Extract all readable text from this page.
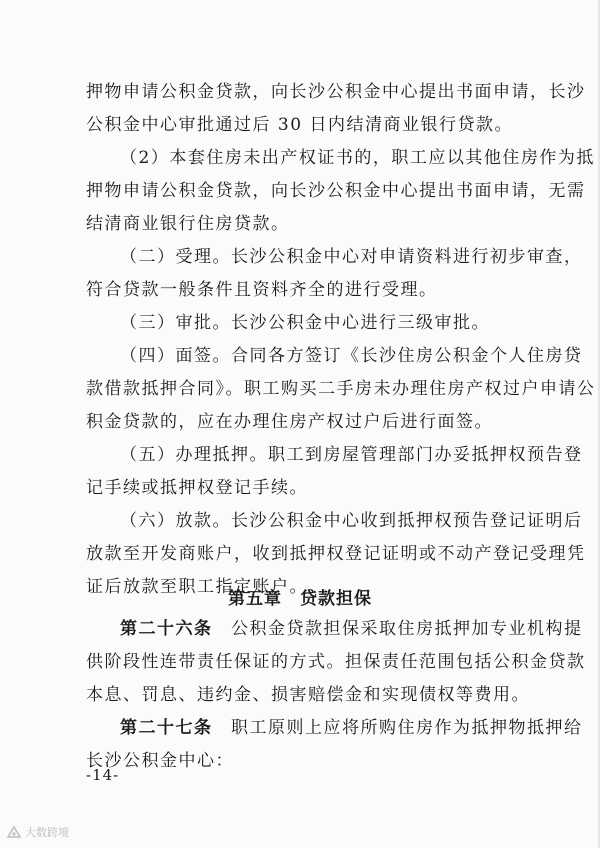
押物申请公积金贷款，向长沙公积金中心提出书面申请，长沙
公积金中心审批通过后 30 日内结清商业银行贷款。
（2）本套住房未出产权证书的，职工应以其他住房作为抵
押物申请公积金贷款，向长沙公积金中心提出书面申请，无需
结清商业银行住房贷款。
（二）受理。长沙公积金中心对申请资料进行初步审查，
符合贷款一般条件且资料齐全的进行受理。
（三）审批。长沙公积金中心进行三级审批。
（四）面签。合同各方签订《长沙住房公积金个人住房贷
款借款抵押合同》。职工购买二手房未办理住房产权过户申请公
积金贷款的，应在办理住房产权过户后进行面签。
（五）办理抵押。职工到房屋管理部门办妥抵押权预告登
记手续或抵押权登记手续。
（六）放款。长沙公积金中心收到抵押权预告登记证明后
放款至开发商账户，收到抵押权登记证明或不动产登记受理凭
证后放款至职工指定账户。
第五章　贷款担保
第二十六条　 公积金贷款担保采取住房抵押加专业机构提
供阶段性连带责任保证的方式。担保责任范围包括公积金贷款
本息、罚息、违约金、损害赔偿金和实现债权等费用。
第二十七条　 职工原则上应将所购住房作为抵押物抵押给
长沙公积金中心：
-14-
大数跨境
